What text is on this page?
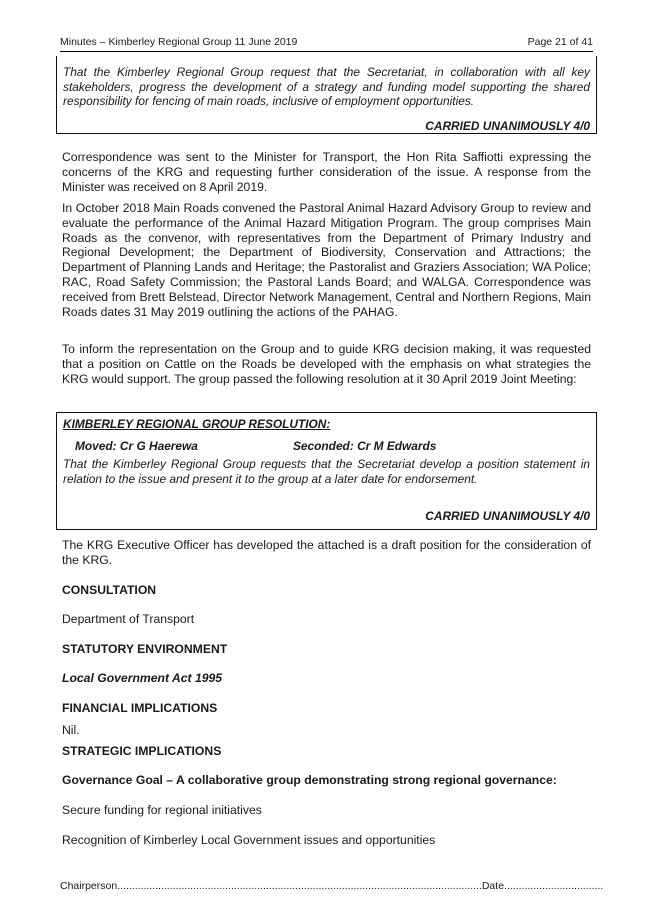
Minutes – Kimberley Regional Group 11 June 2019	Page 21 of 41
That the Kimberley Regional Group request that the Secretariat, in collaboration with all key stakeholders, progress the development of a strategy and funding model supporting the shared responsibility for fencing of main roads, inclusive of employment opportunities.
CARRIED UNANIMOUSLY 4/0

Correspondence was sent to the Minister for Transport, the Hon Rita Saffiotti expressing the concerns of the KRG and requesting further consideration of the issue. A response from the Minister was received on 8 April 2019.

In October 2018 Main Roads convened the Pastoral Animal Hazard Advisory Group to review and evaluate the performance of the Animal Hazard Mitigation Program. The group comprises Main Roads as the convenor, with representatives from the Department of Primary Industry and Regional Development; the Department of Biodiversity, Conservation and Attractions; the Department of Planning Lands and Heritage; the Pastoralist and Graziers Association; WA Police; RAC, Road Safety Commission; the Pastoral Lands Board; and WALGA. Correspondence was received from Brett Belstead, Director Network Management, Central and Northern Regions, Main Roads dates 31 May 2019 outlining the actions of the PAHAG.

To inform the representation on the Group and to guide KRG decision making, it was requested that a position on Cattle on the Roads be developed with the emphasis on what strategies the KRG would support. The group passed the following resolution at it 30 April 2019 Joint Meeting:

KIMBERLEY REGIONAL GROUP RESOLUTION:
Moved: Cr G Haerewa	Seconded: Cr M Edwards
That the Kimberley Regional Group requests that the Secretariat develop a position statement in relation to the issue and present it to the group at a later date for endorsement.
CARRIED UNANIMOUSLY 4/0

The KRG Executive Officer has developed the attached is a draft position for the consideration of the KRG.

CONSULTATION

Department of Transport

STATUTORY ENVIRONMENT

Local Government Act 1995

FINANCIAL IMPLICATIONS

Nil.

STRATEGIC IMPLICATIONS

Governance Goal – A collaborative group demonstrating strong regional governance:

Secure funding for regional initiatives

Recognition of Kimberley Local Government issues and opportunities

Chairperson.............................................................................................................................Date..................................
